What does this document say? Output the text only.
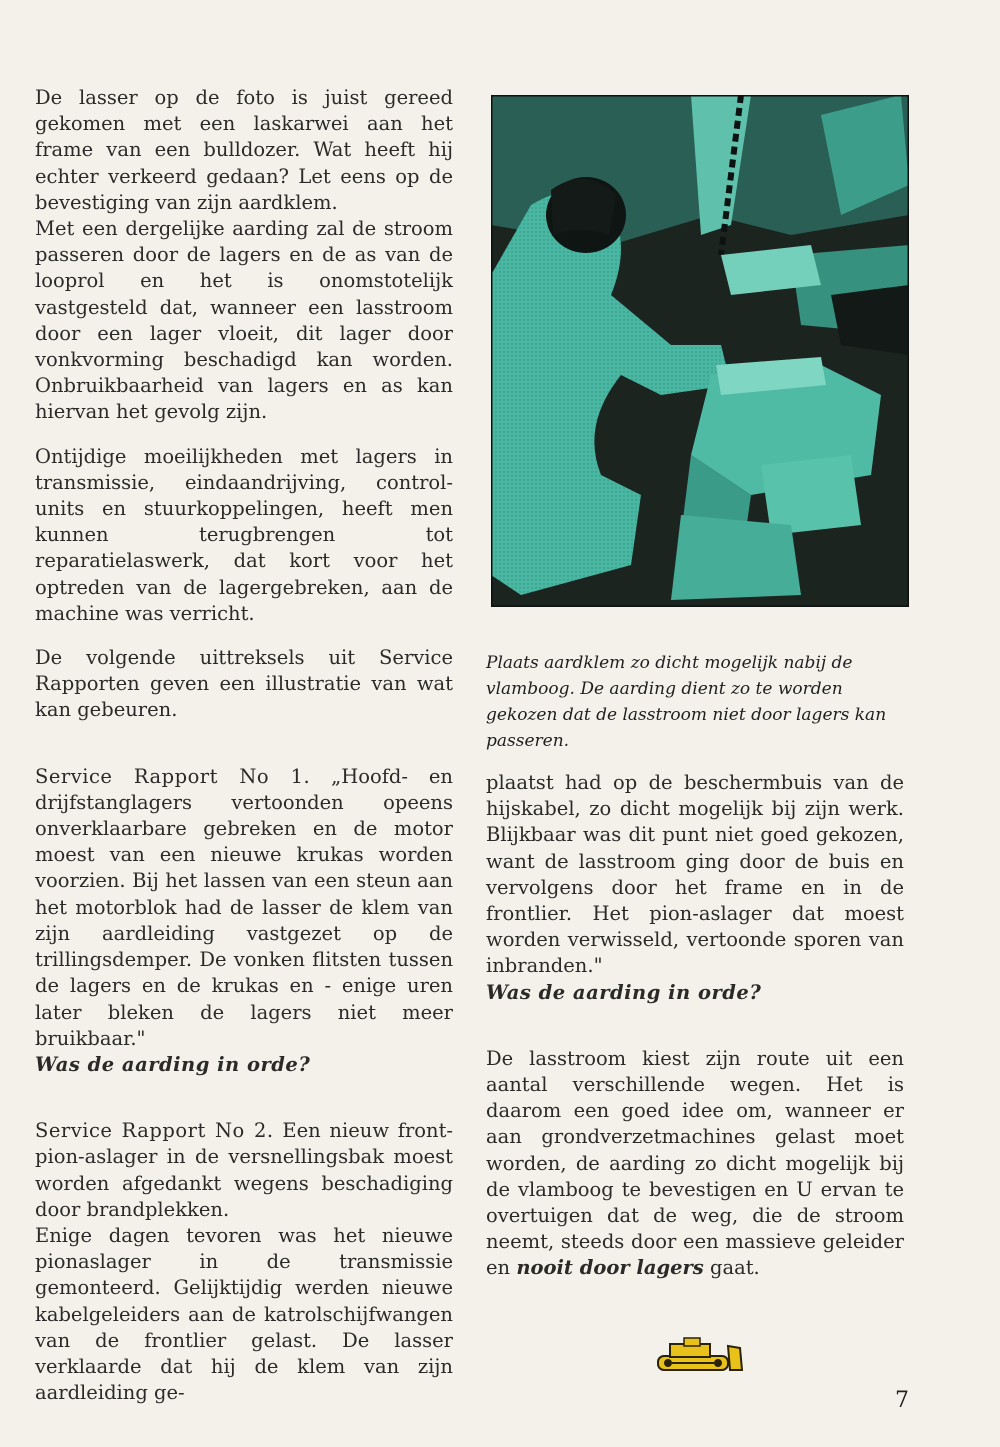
De lasser op de foto is juist gereed gekomen met een laskarwei aan het frame van een bulldozer. Wat heeft hij echter verkeerd gedaan? Let eens op de bevestiging van zijn aardklem.

Met een dergelijke aarding zal de stroom passeren door de lagers en de as van de looprol en het is onomstotelijk vastgesteld dat, wanneer een lasstroom door een lager vloeit, dit lager door vonkvorming beschadigd kan worden. Onbruikbaarheid van lagers en as kan hiervan het gevolg zijn.

Ontijdige moeilijkheden met lagers in transmissie, eindaandrijving, control-units en stuurkoppelingen, heeft men kunnen terugbrengen tot reparatielaswerk, dat kort voor het optreden van de lagergebreken, aan de machine was verricht.

De volgende uittreksels uit Service Rapporten geven een illustratie van wat kan gebeuren.

Service Rapport No 1. „Hoofd- en drijfstanglagers vertoonden opeens onverklaarbare gebreken en de motor moest van een nieuwe krukas worden voorzien. Bij het lassen van een steun aan het motorblok had de lasser de klem van zijn aardleiding vastgezet op de trillingsdemper. De vonken flitsten tussen de lagers en de krukas en - enige uren later bleken de lagers niet meer bruikbaar."

Was de aarding in orde?

Service Rapport No 2. Een nieuw front-pion-aslager in de versnellingsbak moest worden afgedankt wegens beschadiging door brandplekken.

Enige dagen tevoren was het nieuwe pionaslager in de transmissie gemonteerd. Gelijktijdig werden nieuwe kabelgeleiders aan de katrolschijfwangen van de frontlier gelast. De lasser verklaarde dat hij de klem van zijn aardleiding ge-

Plaats aardklem zo dicht mogelijk nabij de vlamboog. De aarding dient zo te worden gekozen dat de lasstroom niet door lagers kan passeren.

plaatst had op de beschermbuis van de hijskabel, zo dicht mogelijk bij zijn werk. Blijkbaar was dit punt niet goed gekozen, want de lasstroom ging door de buis en vervolgens door het frame en in de frontlier. Het pion-aslager dat moest worden verwisseld, vertoonde sporen van inbranden."

Was de aarding in orde?

De lasstroom kiest zijn route uit een aantal verschillende wegen. Het is daarom een goed idee om, wanneer er aan grondverzetmachines gelast moet worden, de aarding zo dicht mogelijk bij de vlamboog te bevestigen en U ervan te overtuigen dat de weg, die de stroom neemt, steeds door een massieve geleider en nooit door lagers gaat.

7
